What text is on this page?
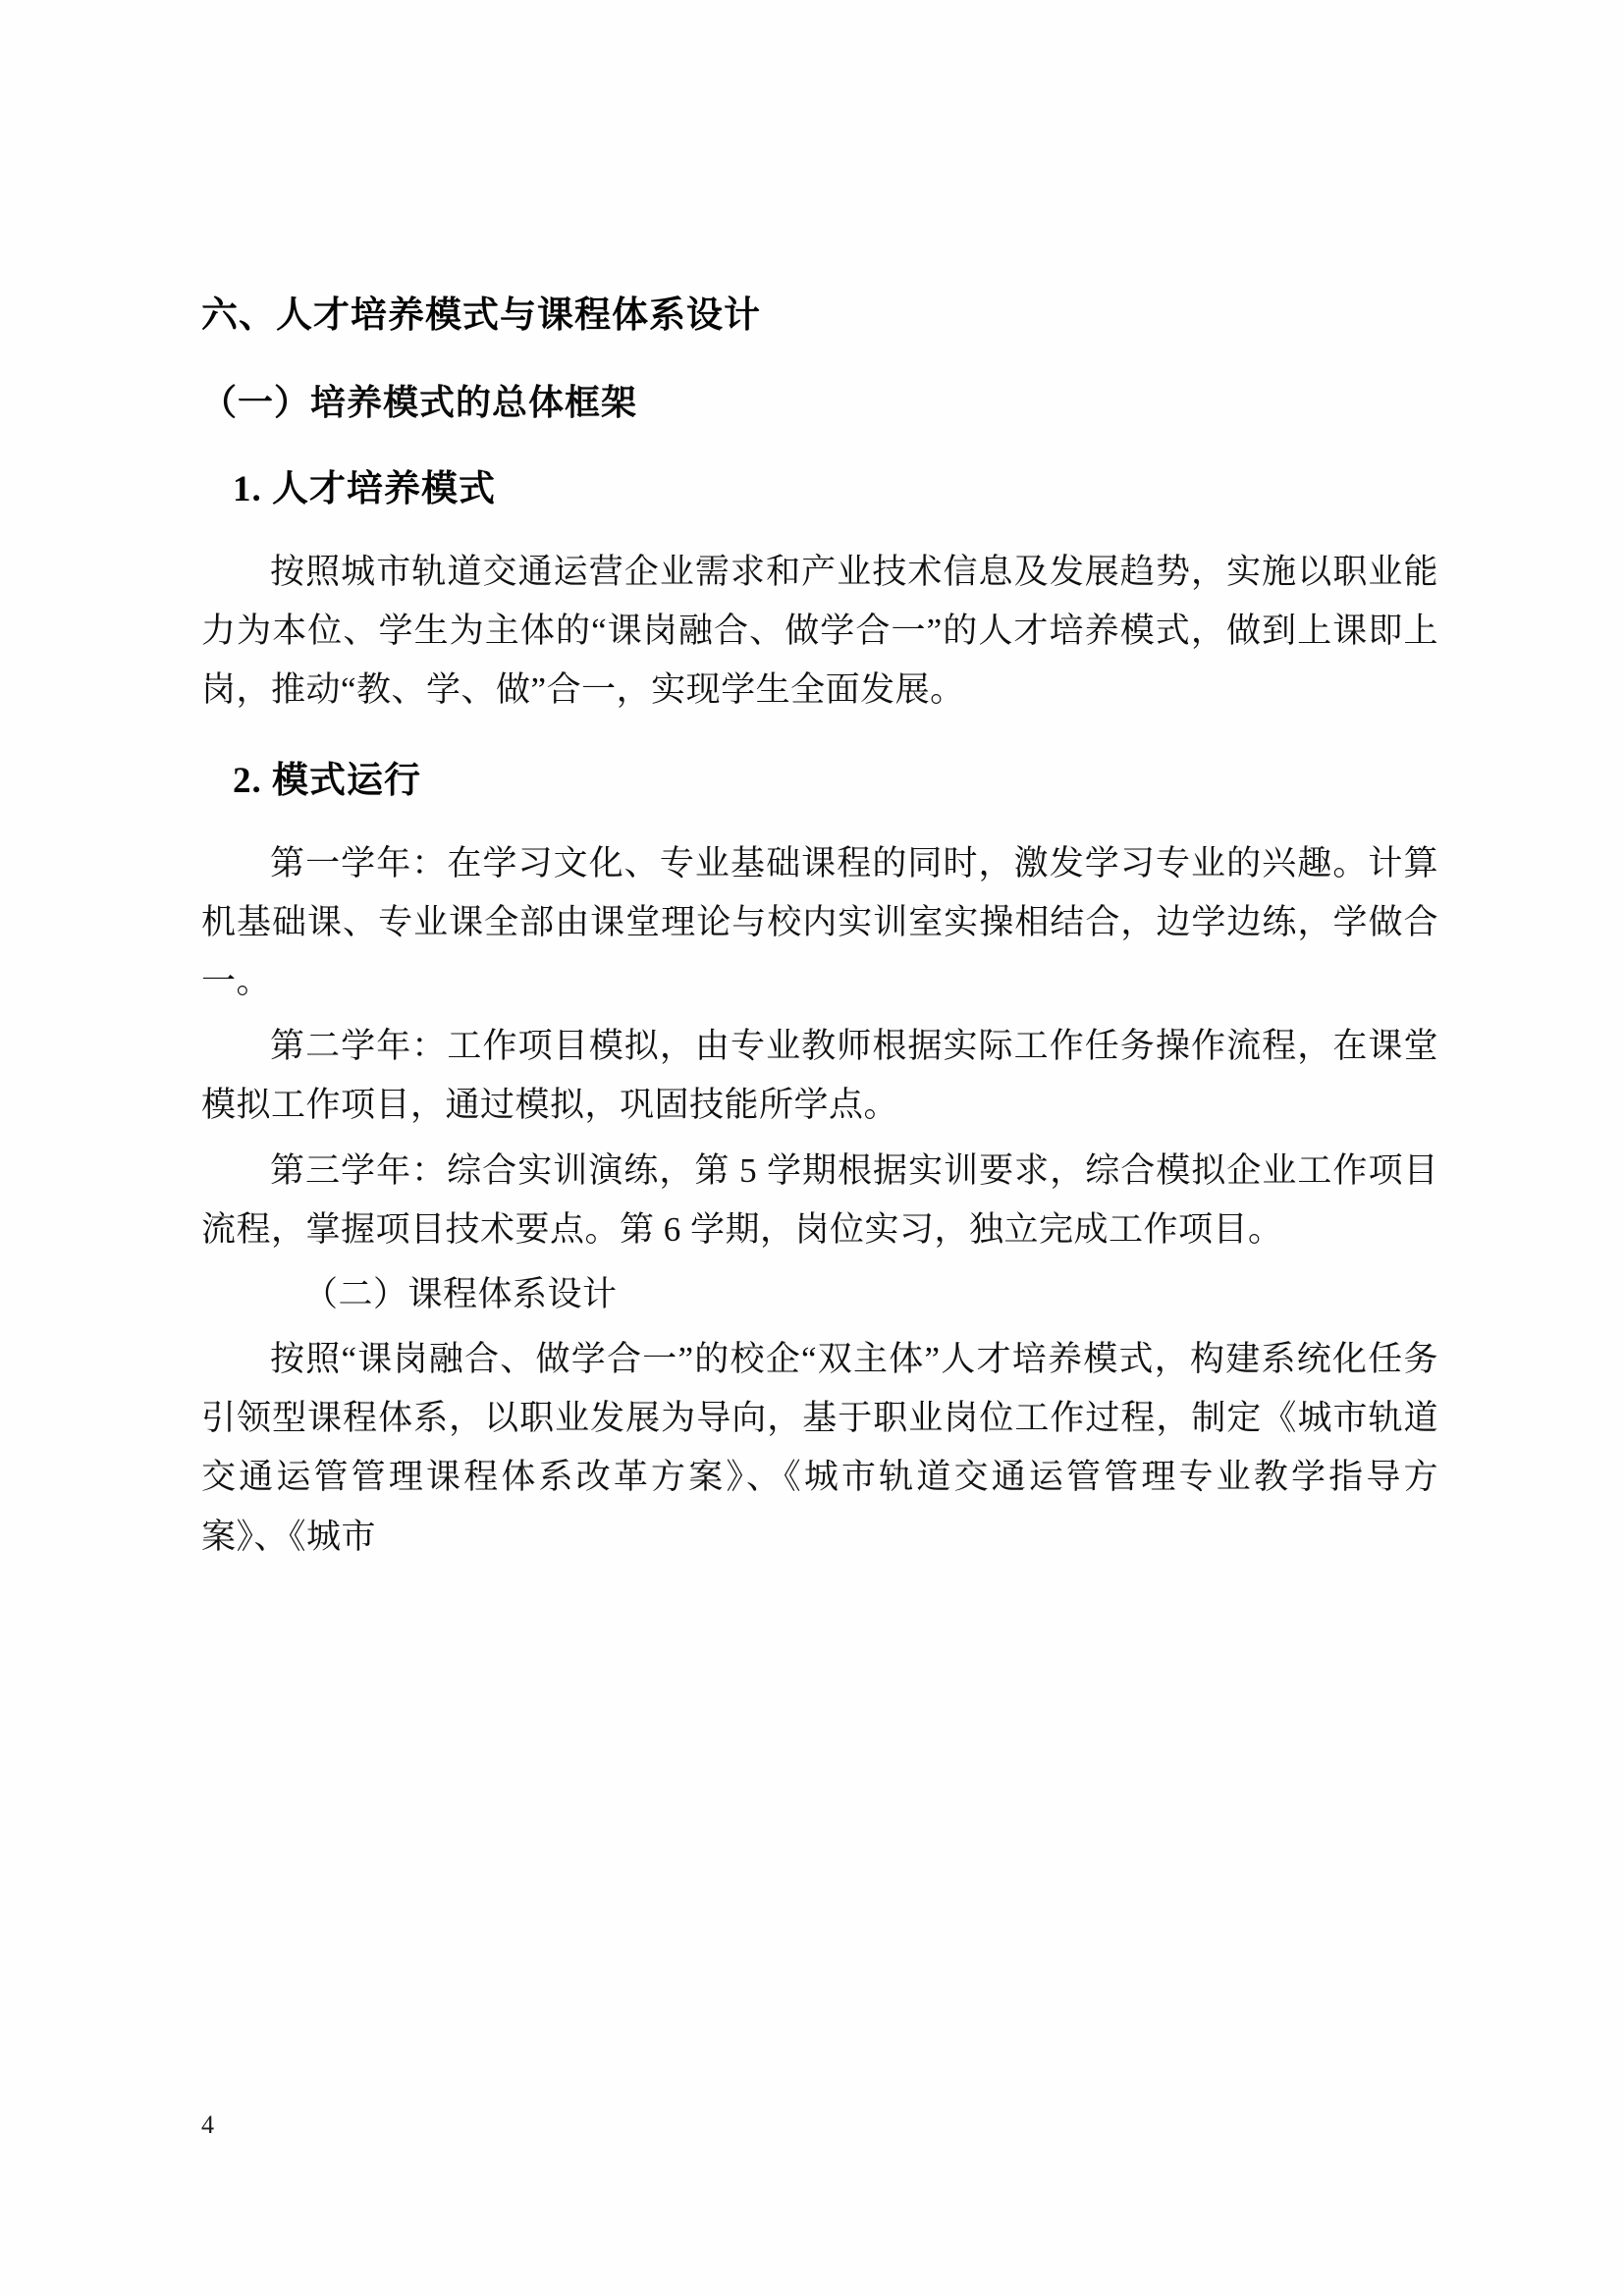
六、人才培养模式与课程体系设计
（一）培养模式的总体框架
1. 人才培养模式

按照城市轨道交通运营企业需求和产业技术信息及发展趋势，实施以职业能力为本位、学生为主体的“课岗融合、做学合一”的人才培养模式，做到上课即上岗，推动“教、学、做”合一，实现学生全面发展。

2. 模式运行

第一学年：在学习文化、专业基础课程的同时，激发学习专业的兴趣。计算机基础课、专业课全部由课堂理论与校内实训室实操相结合，边学边练，学做合一。

第二学年：工作项目模拟，由专业教师根据实际工作任务操作流程，在课堂模拟工作项目，通过模拟，巩固技能所学点。

第三学年：综合实训演练，第 5 学期根据实训要求，综合模拟企业工作项目流程，掌握项目技术要点。第 6 学期，岗位实习，独立完成工作项目。

（二）课程体系设计

按照“课岗融合、做学合一”的校企“双主体”人才培养模式，构建系统化任务引领型课程体系，以职业发展为导向，基于职业岗位工作过程，制定《城市轨道交通运管管理课程体系改革方案》、《城市轨道交通运管管理专业教学指导方案》、《城市

4
